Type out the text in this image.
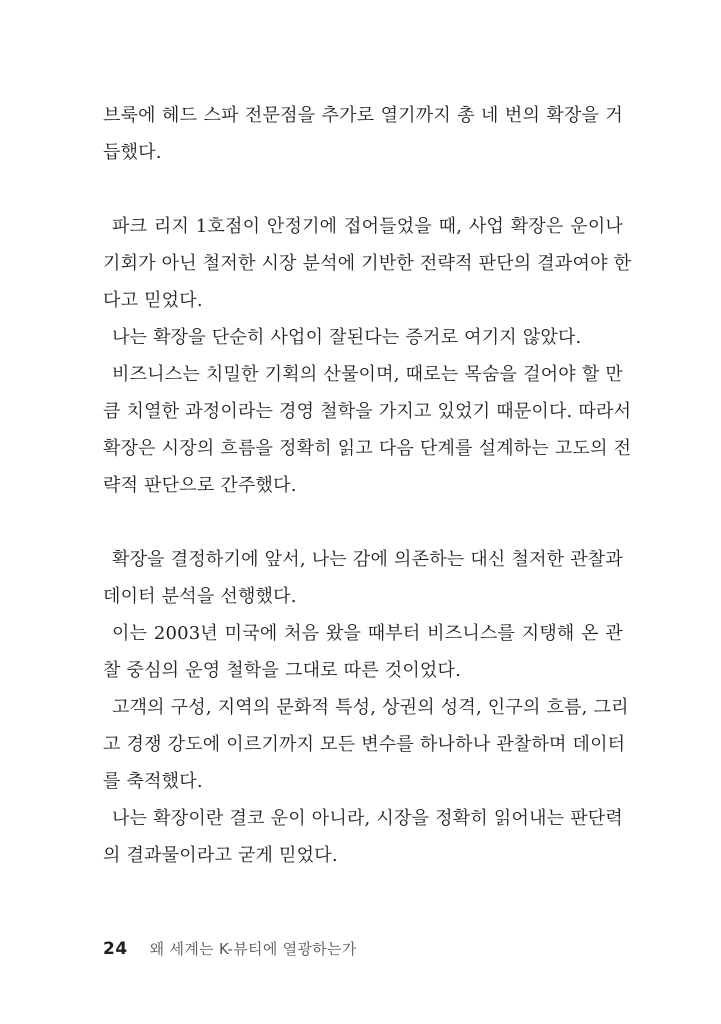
브룩에 헤드 스파 전문점을 추가로 열기까지 총 네 번의 확장을 거
듭했다.

파크 리지 1호점이 안정기에 접어들었을 때, 사업 확장은 운이나
기회가 아닌 철저한 시장 분석에 기반한 전략적 판단의 결과여야 한
다고 믿었다.

나는 확장을 단순히 사업이 잘된다는 증거로 여기지 않았다.

비즈니스는 치밀한 기획의 산물이며, 때로는 목숨을 걸어야 할 만
큼 치열한 과정이라는 경영 철학을 가지고 있었기 때문이다. 따라서
확장은 시장의 흐름을 정확히 읽고 다음 단계를 설계하는 고도의 전
략적 판단으로 간주했다.

확장을 결정하기에 앞서, 나는 감에 의존하는 대신 철저한 관찰과
데이터 분석을 선행했다.

이는 2003년 미국에 처음 왔을 때부터 비즈니스를 지탱해 온 관
찰 중심의 운영 철학을 그대로 따른 것이었다.

고객의 구성, 지역의 문화적 특성, 상권의 성격, 인구의 흐름, 그리
고 경쟁 강도에 이르기까지 모든 변수를 하나하나 관찰하며 데이터
를 축적했다.

나는 확장이란 결코 운이 아니라, 시장을 정확히 읽어내는 판단력
의 결과물이라고 굳게 믿었다.

24 왜 세계는 K-뷰티에 열광하는가
